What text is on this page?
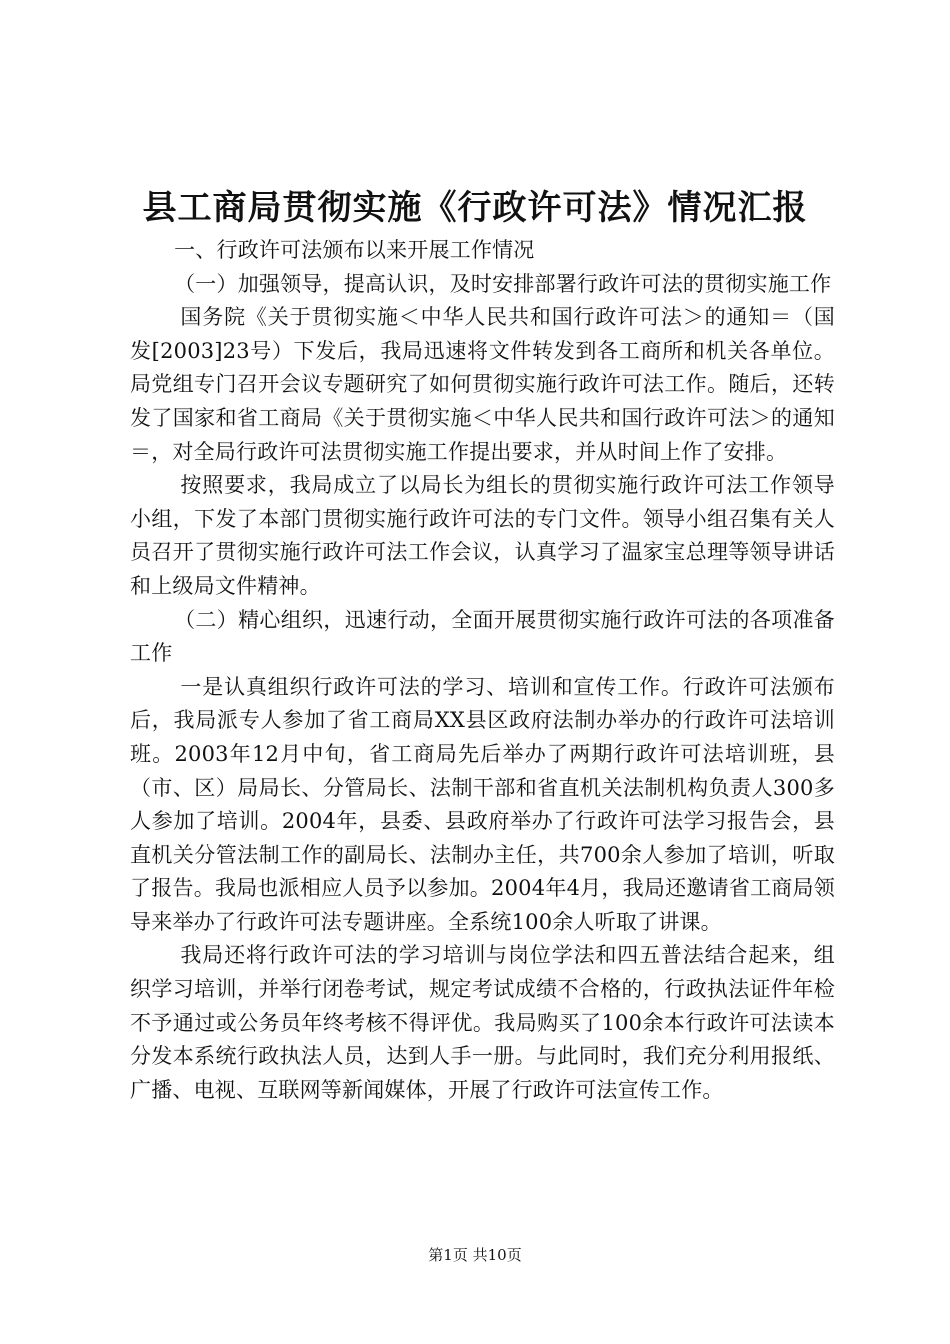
县工商局贯彻实施《行政许可法》情况汇报

一、行政许可法颁布以来开展工作情况

（一）加强领导，提高认识，及时安排部署行政许可法的贯彻实施工作

国务院《关于贯彻实施＜中华人民共和国行政许可法＞的通知＝（国发[2003]23号）下发后，我局迅速将文件转发到各工商所和机关各单位。局党组专门召开会议专题研究了如何贯彻实施行政许可法工作。随后，还转发了国家和省工商局《关于贯彻实施＜中华人民共和国行政许可法＞的通知＝，对全局行政许可法贯彻实施工作提出要求，并从时间上作了安排。

按照要求，我局成立了以局长为组长的贯彻实施行政许可法工作领导小组，下发了本部门贯彻实施行政许可法的专门文件。领导小组召集有关人员召开了贯彻实施行政许可法工作会议，认真学习了温家宝总理等领导讲话和上级局文件精神。

（二）精心组织，迅速行动，全面开展贯彻实施行政许可法的各项准备工作

一是认真组织行政许可法的学习、培训和宣传工作。行政许可法颁布后，我局派专人参加了省工商局XX县区政府法制办举办的行政许可法培训班。2003年12月中旬，省工商局先后举办了两期行政许可法培训班，县（市、区）局局长、分管局长、法制干部和省直机关法制机构负责人300多人参加了培训。2004年，县委、县政府举办了行政许可法学习报告会，县直机关分管法制工作的副局长、法制办主任，共700余人参加了培训，听取了报告。我局也派相应人员予以参加。2004年4月，我局还邀请省工商局领导来举办了行政许可法专题讲座。全系统100余人听取了讲课。

我局还将行政许可法的学习培训与岗位学法和四五普法结合起来，组织学习培训，并举行闭卷考试，规定考试成绩不合格的，行政执法证件年检不予通过或公务员年终考核不得评优。我局购买了100余本行政许可法读本分发本系统行政执法人员，达到人手一册。与此同时，我们充分利用报纸、广播、电视、互联网等新闻媒体，开展了行政许可法宣传工作。

第1页 共10页
